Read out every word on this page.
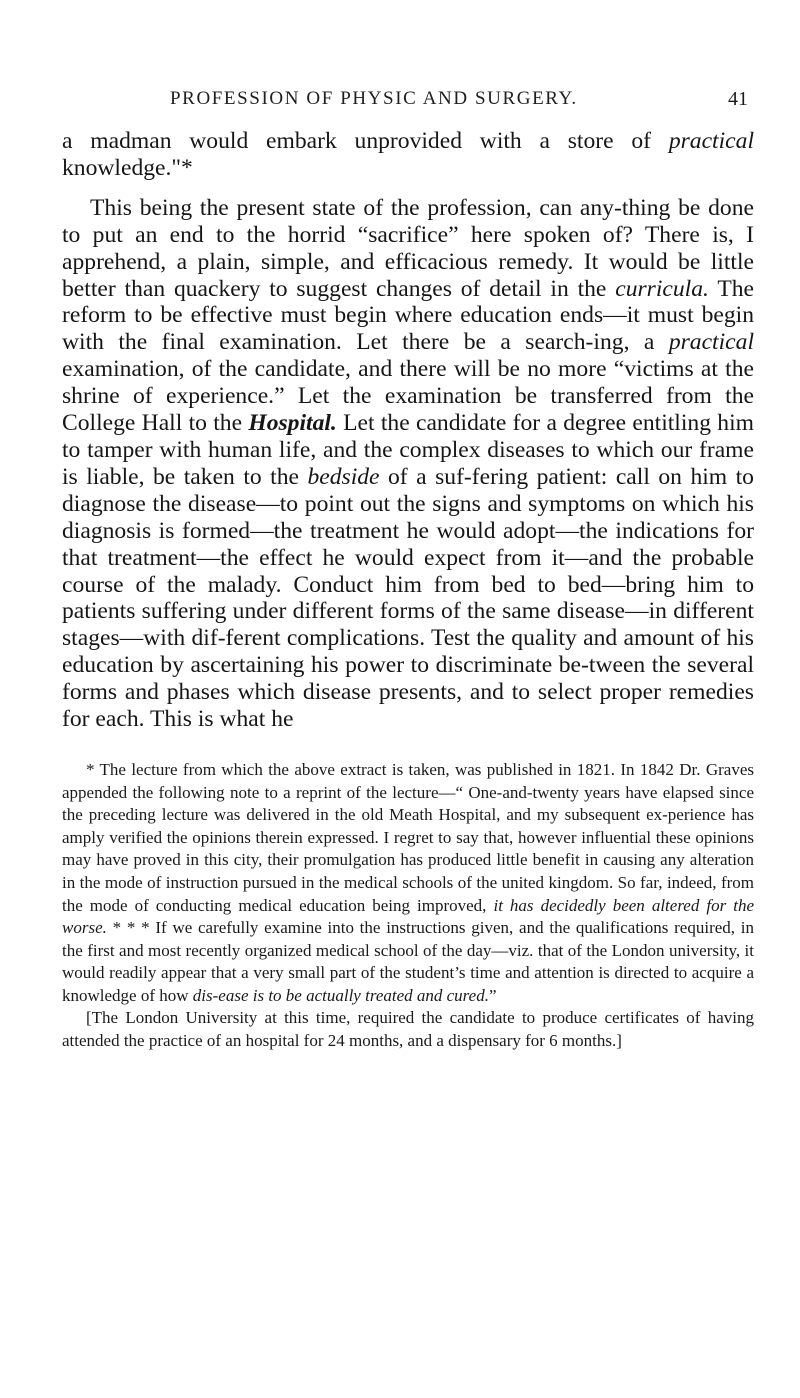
PROFESSION OF PHYSIC AND SURGERY.	41

a madman would embark unprovided with a store of practical knowledge."*

This being the present state of the profession, can any-thing be done to put an end to the horrid “sacrifice” here spoken of? There is, I apprehend, a plain, simple, and efficacious remedy. It would be little better than quackery to suggest changes of detail in the curricula. The reform to be effective must begin where education ends—it must begin with the final examination. Let there be a search-ing, a practical examination, of the candidate, and there will be no more “victims at the shrine of experience.” Let the examination be transferred from the College Hall to the Hospital. Let the candidate for a degree entitling him to tamper with human life, and the complex diseases to which our frame is liable, be taken to the bedside of a suf-fering patient: call on him to diagnose the disease—to point out the signs and symptoms on which his diagnosis is formed—the treatment he would adopt—the indications for that treatment—the effect he would expect from it—and the probable course of the malady. Conduct him from bed to bed—bring him to patients suffering under different forms of the same disease—in different stages—with dif-ferent complications. Test the quality and amount of his education by ascertaining his power to discriminate be-tween the several forms and phases which disease presents, and to select proper remedies for each. This is what he

* The lecture from which the above extract is taken, was published in 1821. In 1842 Dr. Graves appended the following note to a reprint of the lecture—“ One-and-twenty years have elapsed since the preceding lecture was delivered in the old Meath Hospital, and my subsequent ex-perience has amply verified the opinions therein expressed. I regret to say that, however influential these opinions may have proved in this city, their promulgation has produced little benefit in causing any alteration in the mode of instruction pursued in the medical schools of the united kingdom. So far, indeed, from the mode of conducting medical education being improved, it has decidedly been altered for the worse. * * * If we carefully examine into the instructions given, and the qualifications required, in the first and most recently organized medical school of the day—viz. that of the London university, it would readily appear that a very small part of the student’s time and attention is directed to acquire a knowledge of how dis-ease is to be actually treated and cured.”

[The London University at this time, required the candidate to produce certificates of having attended the practice of an hospital for 24 months, and a dispensary for 6 months.]
